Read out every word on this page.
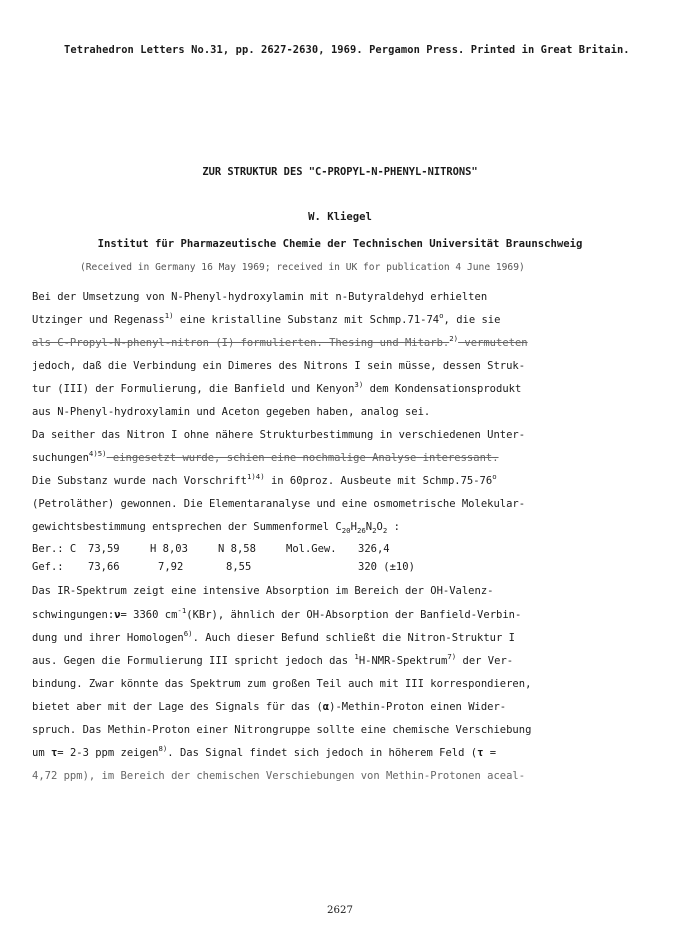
Tetrahedron Letters No.31, pp. 2627-2630, 1969. Pergamon Press. Printed in Great Britain.
ZUR STRUKTUR DES "C-PROPYL-N-PHENYL-NITRONS"
W. Kliegel
Institut für Pharmazeutische Chemie der Technischen Universität Braunschweig
(Received in Germany 16 May 1969; received in UK for publication 4 June 1969)
Bei der Umsetzung von N-Phenyl-hydroxylamin mit n-Butyraldehyd erhielten
Utzinger und Regenass$^{1)}$ eine kristalline Substanz mit Schmp.71-74$^o$, die sie
als C-Propyl-N-phenyl-nitron (I) formulierten. Thesing und Mitarb.$^{2)}$ vermuteten
jedoch, daß die Verbindung ein Dimeres des Nitrons I sein müsse, dessen Struk-
tur (III) der Formulierung, die Banfield und Kenyon$^{3)}$ dem Kondensationsprodukt
aus N-Phenyl-hydroxylamin und Aceton gegeben haben, analog sei.
Da seither das Nitron I ohne nähere Strukturbestimmung in verschiedenen Unter-
suchungen$^{4)5)}$ eingesetzt wurde, schien eine nochmalige Analyse interessant.
Die Substanz wurde nach Vorschrift$^{1)4)}$ in 60proz. Ausbeute mit Schmp.75-76$^o$
(Petroläther) gewonnen. Die Elementaranalyse und eine osmometrische Molekular-
gewichtsbestimmung entsprechen der Summenformel $C_{20}H_{26}N_2O_2$ :
Ber.: C 73,59	H 8,03	N 8,58	Mol.Gew. 326,4
Gef.: 73,66	7,92	8,55	320 (±10)
Das IR-Spektrum zeigt eine intensive Absorption im Bereich der OH-Valenz-
schwingungen:ν= 3360 $cm^{-1}(KBr)$, ähnlich der OH-Absorption der Banfield-Verbin-
dung und ihrer Homologen$^{6)}$. Auch dieser Befund schließt die Nitron-Struktur I
aus. Gegen die Formulierung III spricht jedoch das $^1$H-NMR-Spektrum$^{7)}$ der Ver-
bindung. Zwar könnte das Spektrum zum großen Teil auch mit III korrespondieren,
bietet aber mit der Lage des Signals für das (α)-Methin-Proton einen Wider-
spruch. Das Methin-Proton einer Nitrongruppe sollte eine chemische Verschiebung
um τ= 2-3 ppm zeigen$^{8)}$. Das Signal findet sich jedoch in höherem Feld (τ =
4,72 ppm), im Bereich der chemischen Verschiebungen von Methin-Protonen aceal-
2627
